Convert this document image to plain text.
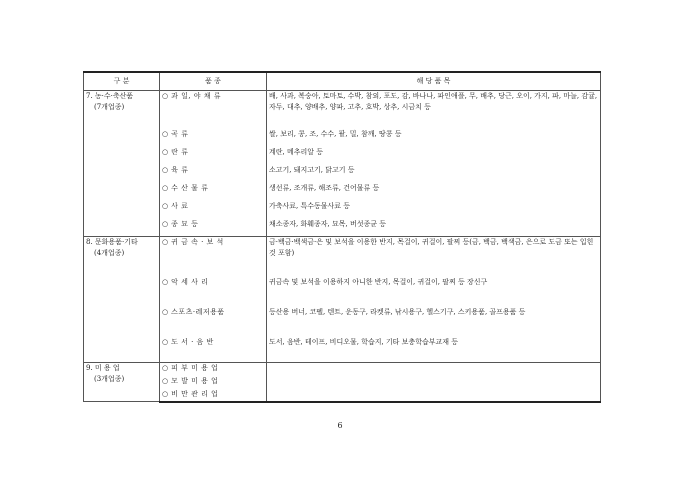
구 분	품 종	해 당 품 목
7. 농·수·축산품
(7개업종)	○ 과 일, 야 채 류	배, 사과, 복숭아, 토마토, 수박, 참외, 포도, 감, 바나나, 파인애플, 무, 배추, 당근, 오이, 가지, 파, 마늘, 감귤, 자두, 대추, 양배추, 양파, 고추, 호박, 상추, 시금치 등
	○ 곡 류	쌀, 보리, 콩, 조, 수수, 팥, 밀, 참깨, 땅콩 등
	○ 란 류	계란, 메추리알 등
	○ 육 류	소고기, 돼지고기, 닭고기 등
	○ 수 산 물 류	생선류, 조개류, 해조류, 건어물류 등
	○ 사 료	가축사료, 특수동물사료 등
	○ 종 묘 등	채소종자, 화훼종자, 묘목, 버섯종균 등
8. 문화용품·기타
(4개업종)	○ 귀 금 속 · 보 석	금·백금·백색금·은 및 보석을 이용한 반지, 목걸이, 귀걸이, 팔찌 등(금, 백금, 백색금, 은으로 도금 또는 입힌 것 포함)
	○ 악 세 사 리	귀금속 및 보석을 이용하지 아니한 반지, 목걸이, 귀걸이, 팔찌 등 장신구
	○ 스포츠·레저용품	등산용 버너, 코펠, 텐트, 운동구, 라켓류, 낚시용구, 헬스기구, 스키용품, 골프용품 등
	○ 도 서 · 음 반	도서, 음반, 테이프, 비디오물, 학습지, 기타 보충학습부교재 등
9. 미 용 업
(3개업종)	○ 피 부 미 용 업	
	○ 모 발 미 용 업	
	○ 비 만 관 리 업	
6
